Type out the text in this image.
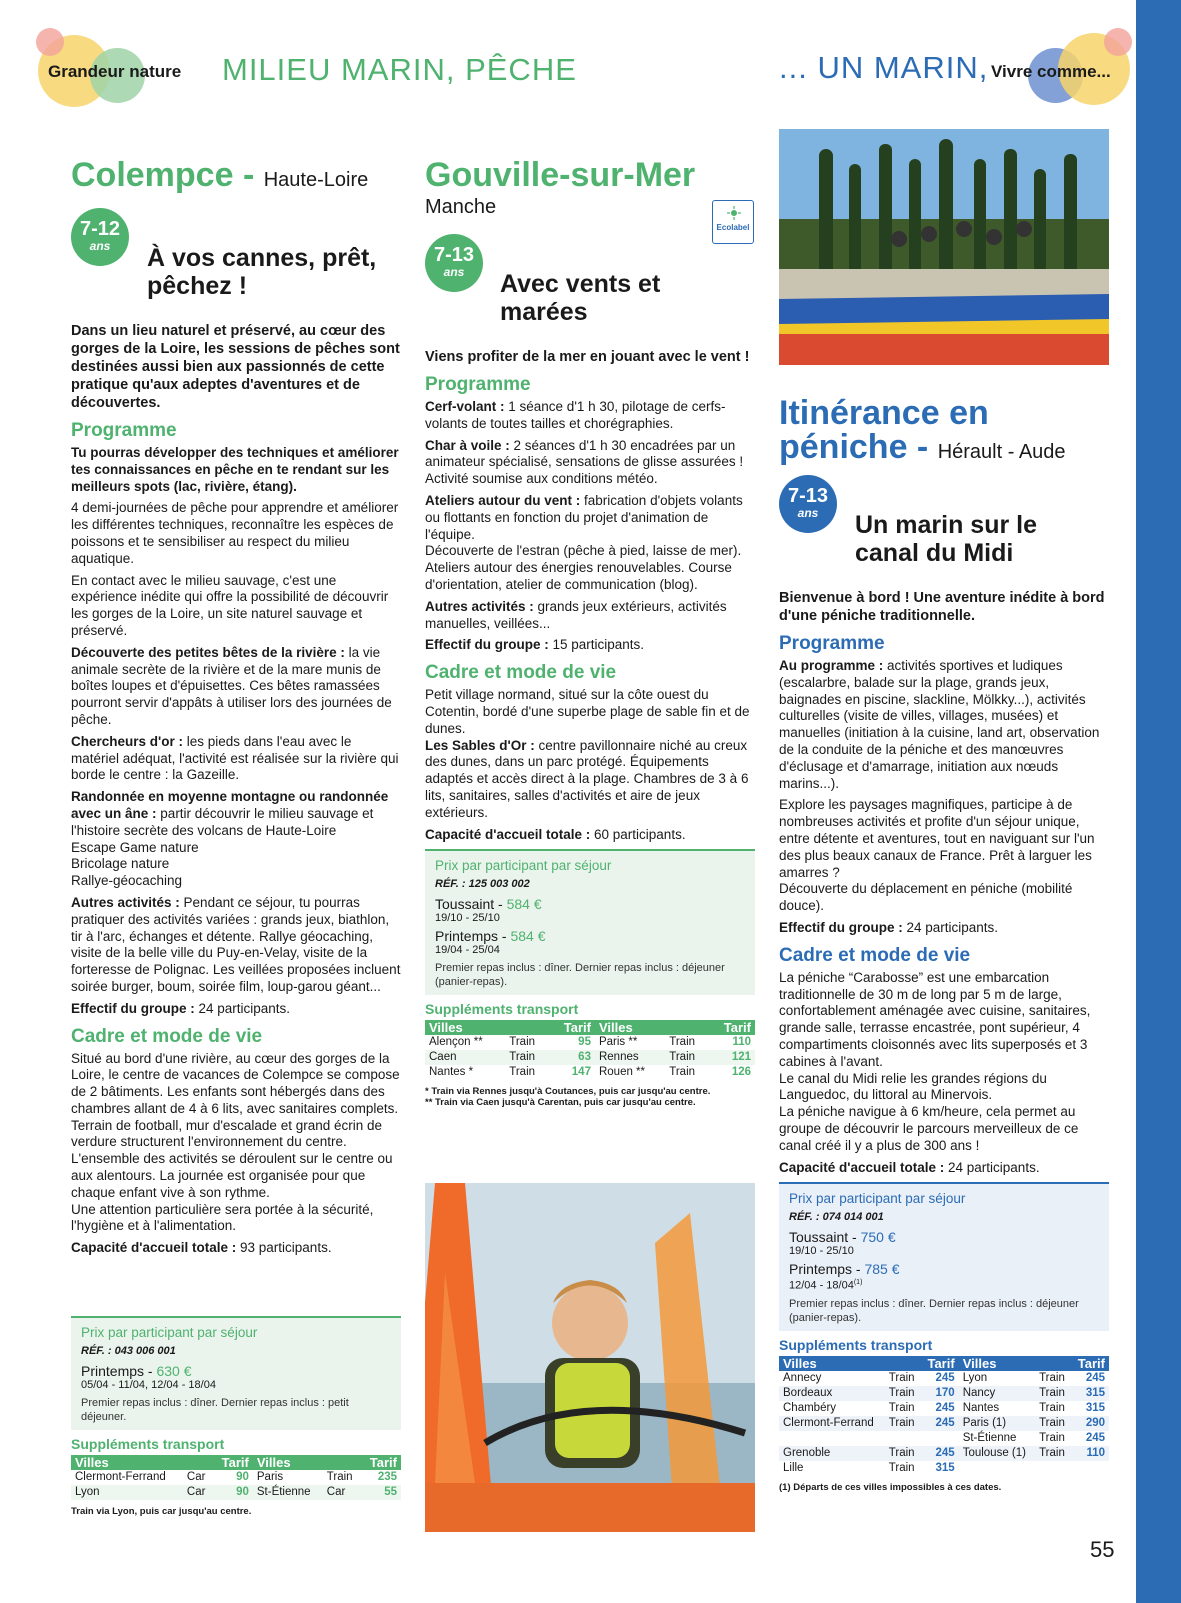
Grandeur nature MILIEU MARIN, PÊCHE	... UN MARIN, Vivre comme...
Colempce - Haute-Loire
7-12
ans	À vos cannes, prêt, pêchez !

Dans un lieu naturel et préservé, au cœur des gorges de la Loire, les sessions de pêches sont destinées aussi bien aux passionnés de cette pratique qu'aux adeptes d'aventures et de découvertes.

Programme

Tu pourras développer des techniques et améliorer tes connaissances en pêche en te rendant sur les meilleurs spots (lac, rivière, étang).

4 demi-journées de pêche pour apprendre et améliorer les différentes techniques, reconnaître les espèces de poissons et te sensibiliser au respect du milieu aquatique.

En contact avec le milieu sauvage, c'est une expérience inédite qui offre la possibilité de découvrir les gorges de la Loire, un site naturel sauvage et préservé.

Découverte des petites bêtes de la rivière : la vie animale secrète de la rivière et de la mare munis de boîtes loupes et d'épuisettes. Ces bêtes ramassées pourront servir d'appâts à utiliser lors des journées de pêche.

Chercheurs d'or : les pieds dans l'eau avec le matériel adéquat, l'activité est réalisée sur la rivière qui borde le centre : la Gazeille.

Randonnée en moyenne montagne ou randonnée avec un âne : partir découvrir le milieu sauvage et l'histoire secrète des volcans de Haute-Loire
Escape Game nature
Bricolage nature
Rallye-géocaching

Autres activités : Pendant ce séjour, tu pourras pratiquer des activités variées : grands jeux, biathlon, tir à l'arc, échanges et détente. Rallye géocaching, visite de la belle ville du Puy-en-Velay, visite de la forteresse de Polignac. Les veillées proposées incluent soirée burger, boum, soirée film, loup-garou géant...

Effectif du groupe : 24 participants.

Cadre et mode de vie

Situé au bord d'une rivière, au cœur des gorges de la Loire, le centre de vacances de Colempce se compose de 2 bâtiments. Les enfants sont hébergés dans des chambres allant de 4 à 6 lits, avec sanitaires complets. Terrain de football, mur d'escalade et grand écrin de verdure structurent l'environnement du centre. L'ensemble des activités se déroulent sur le centre ou aux alentours. La journée est organisée pour que chaque enfant vive à son rythme.
Une attention particulière sera portée à la sécurité, l'hygiène et à l'alimentation.

Capacité d'accueil totale : 93 participants.

Prix par participant par séjour
RÉF. : 043 006 001
Printemps - 630 €
05/04 - 11/04, 12/04 - 18/04
Premier repas inclus : dîner. Dernier repas inclus : petit déjeuner.
Suppléments transport
Villes		Tarif	Villes		Tarif
Clermont-Ferrand	Car	90	Paris	Train	235
Lyon	Car	90	St-Étienne	Car	55
Train via Lyon, puis car jusqu'au centre.
Gouville-sur-Mer
Manche
Ecolabel
7-13
ans	Avec vents et marées

Viens profiter de la mer en jouant avec le vent !

Programme

Cerf-volant : 1 séance d'1 h 30, pilotage de cerfs-volants de toutes tailles et chorégraphies.

Char à voile : 2 séances d'1 h 30 encadrées par un animateur spécialisé, sensations de glisse assurées ! Activité soumise aux conditions météo.

Ateliers autour du vent : fabrication d'objets volants ou flottants en fonction du projet d'animation de l'équipe.
Découverte de l'estran (pêche à pied, laisse de mer).
Ateliers autour des énergies renouvelables. Course d'orientation, atelier de communication (blog).

Autres activités : grands jeux extérieurs, activités manuelles, veillées...

Effectif du groupe : 15 participants.

Cadre et mode de vie

Petit village normand, situé sur la côte ouest du Cotentin, bordé d'une superbe plage de sable fin et de dunes.
Les Sables d'Or : centre pavillonnaire niché au creux des dunes, dans un parc protégé. Équipements adaptés et accès direct à la plage. Chambres de 3 à 6 lits, sanitaires, salles d'activités et aire de jeux extérieurs.

Capacité d'accueil totale : 60 participants.

Prix par participant par séjour
RÉF. : 125 003 002
Toussaint - 584 €
19/10 - 25/10
Printemps - 584 €
19/04 - 25/04
Premier repas inclus : dîner. Dernier repas inclus : déjeuner (panier-repas).
Suppléments transport
Villes		Tarif	Villes		Tarif
Alençon **	Train	95	Paris **	Train	110
Caen	Train	63	Rennes	Train	121
Nantes *	Train	147	Rouen **	Train	126
* Train via Rennes jusqu'à Coutances, puis car jusqu'au centre.
** Train via Caen jusqu'à Carentan, puis car jusqu'au centre.
Itinérance en
péniche - Hérault - Aude
7-13
ans	Un marin sur le canal du Midi

Bienvenue à bord ! Une aventure inédite à bord d'une péniche traditionnelle.

Programme

Au programme : activités sportives et ludiques (escalarbre, balade sur la plage, grands jeux, baignades en piscine, slackline, Mölkky...), activités culturelles (visite de villes, villages, musées) et manuelles (initiation à la cuisine, land art, observation de la conduite de la péniche et des manœuvres d'éclusage et d'amarrage, initiation aux nœuds marins...).

Explore les paysages magnifiques, participe à de nombreuses activités et profite d'un séjour unique, entre détente et aventures, tout en naviguant sur l'un des plus beaux canaux de France. Prêt à larguer les amarres ?
Découverte du déplacement en péniche (mobilité douce).

Effectif du groupe : 24 participants.

Cadre et mode de vie

La péniche “Carabosse” est une embarcation traditionnelle de 30 m de long par 5 m de large, confortablement aménagée avec cuisine, sanitaires, grande salle, terrasse encastrée, pont supérieur, 4 compartiments cloisonnés avec lits superposés et 3 cabines à l'avant.
Le canal du Midi relie les grandes régions du Languedoc, du littoral au Minervois.
La péniche navigue à 6 km/heure, cela permet au groupe de découvrir le parcours merveilleux de ce canal créé il y a plus de 300 ans !

Capacité d'accueil totale : 24 participants.

Prix par participant par séjour
RÉF. : 074 014 001
Toussaint - 750 €
19/10 - 25/10
Printemps - 785 €
12/04 - 18/04$^{(1)}$
Premier repas inclus : dîner. Dernier repas inclus : déjeuner (panier-repas).
Suppléments transport
Villes		Tarif	Villes		Tarif
Annecy	Train	245	Lyon	Train	245
Bordeaux	Train	170	Nancy	Train	315
Chambéry	Train	245	Nantes	Train	315
Clermont-Ferrand	Train	245	Paris (1)	Train	290
			St-Étienne	Train	245
Grenoble	Train	245	Toulouse (1)	Train	110
Lille	Train	315			
(1) Départs de ces villes impossibles à ces dates.
55
